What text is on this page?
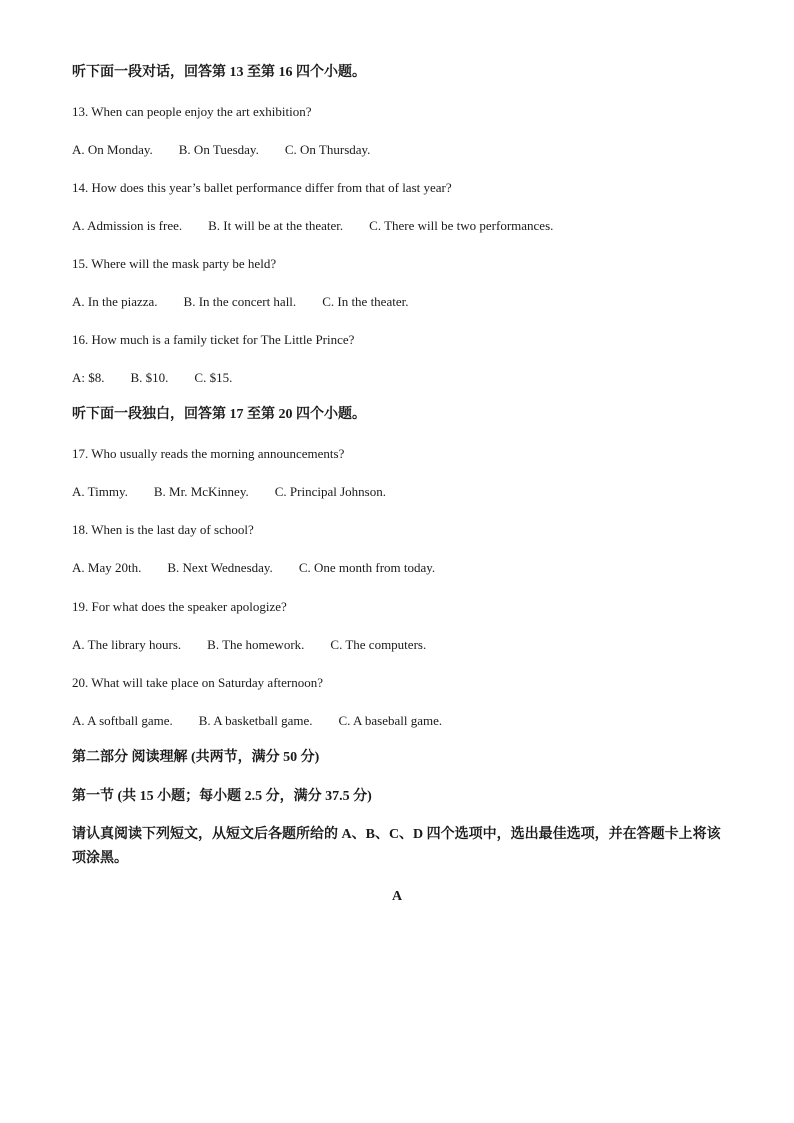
听下面一段对话，回答第 13 至第 16 四个小题。
13. When can people enjoy the art exhibition?
A. On Monday. B. On Tuesday. C. On Thursday.
14. How does this year’s ballet performance differ from that of last year?
A. Admission is free. B. It will be at the theater. C. There will be two performances.
15. Where will the mask party be held?
A. In the piazza. B. In the concert hall. C. In the theater.
16. How much is a family ticket for The Little Prince?
A: $8. B. $10. C. $15.
听下面一段独白，回答第 17 至第 20 四个小题。
17. Who usually reads the morning announcements?
A. Timmy. B. Mr. McKinney. C. Principal Johnson.
18. When is the last day of school?
A. May 20th. B. Next Wednesday. C. One month from today.
19. For what does the speaker apologize?
A. The library hours. B. The homework. C. The computers.
20. What will take place on Saturday afternoon?
A. A softball game. B. A basketball game. C. A baseball game.
第二部分 阅读理解 (共两节，满分 50 分)
第一节 (共 15 小题；每小题 2.5 分，满分 37.5 分)
请认真阅读下列短文，从短文后各题所给的 A、B、C、D 四个选项中，选出最佳选项，并在答题卡上将该项涂黑。
A
